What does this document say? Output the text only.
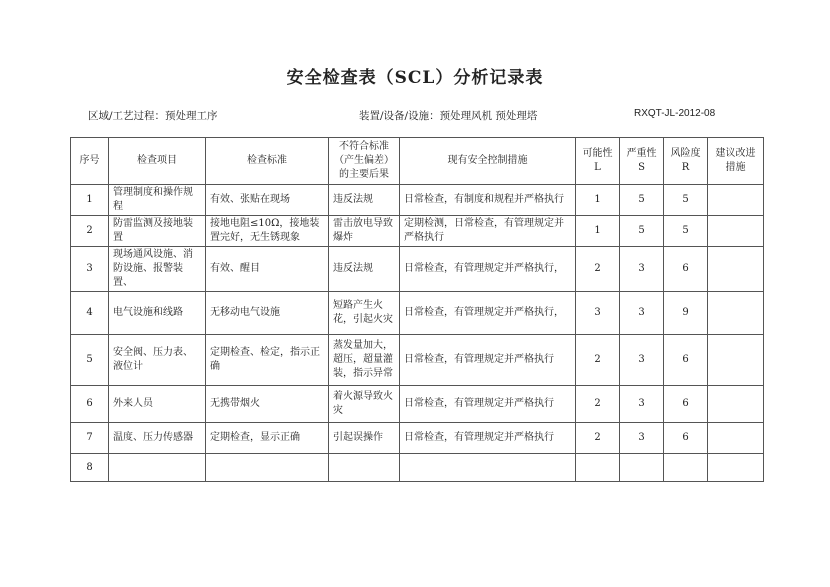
安全检查表（SCL）分析记录表
区域/工艺过程：预处理工序	装置/设备/设施：预处理风机 预处理塔	RXQT-JL-2012-08
序号	检查项目	检查标准	不符合标准（产生偏差）的主要后果	现有安全控制措施	可能性 L	严重性 S	风险度 R	建议改进措施
1	管理制度和操作规程	有效、张贴在现场	违反法规	日常检查，有制度和规程并严格执行	1	5	5	
2	防雷监测及接地装置	接地电阻≤10Ω，接地装置完好，无生锈现象	雷击放电导致爆炸	定期检测，日常检查，有管理规定并严格执行	1	5	5	
3	现场通风设施、消防设施、报警装置、	有效、醒目	违反法规	日常检查，有管理规定并严格执行，	2	3	6	
4	电气设施和线路	无移动电气设施	短路产生火花，引起火灾	日常检查，有管理规定并严格执行，	3	3	9	
5	安全阀、压力表、液位计	定期检查、检定，指示正确	蒸发量加大，超压，超量灌装，指示异常	日常检查，有管理规定并严格执行	2	3	6	
6	外来人员	无携带烟火	着火源导致火灾	日常检查，有管理规定并严格执行	2	3	6	
7	温度、压力传感器	定期检查，显示正确	引起误操作	日常检查，有管理规定并严格执行	2	3	6	
8								
